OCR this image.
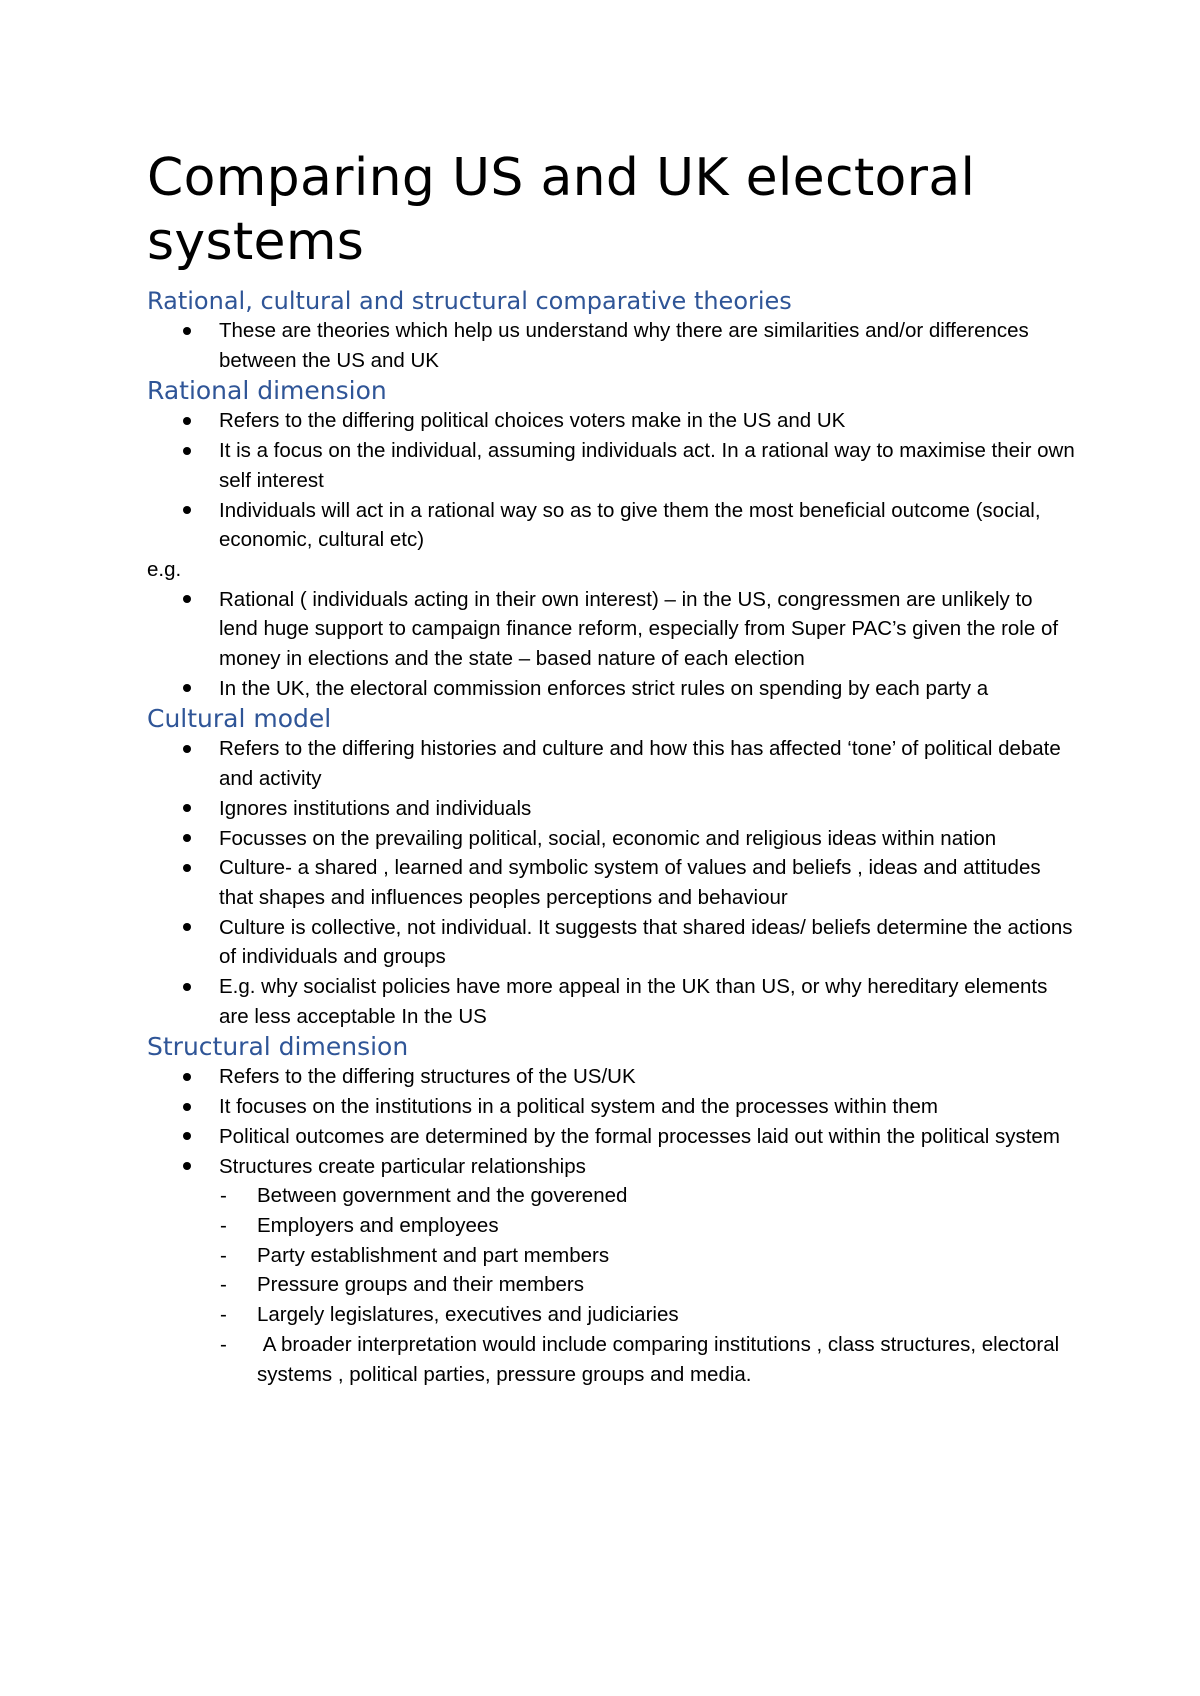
Comparing US and UK electoral systems
Rational, cultural and structural comparative theories
These are theories which help us understand why there are similarities and/or differences between the US and UK
Rational dimension
Refers to the differing political choices voters make in the US and UK
It is a focus on the individual, assuming individuals act. In a rational way to maximise their own self interest
Individuals will act in a rational way so as to give them the most beneficial outcome (social, economic, cultural etc)

e.g.

Rational ( individuals acting in their own interest) – in the US, congressmen are unlikely to lend huge support to campaign finance reform, especially from Super PAC’s given the role of money in elections and the state – based nature of each election
In the UK, the electoral commission enforces strict rules on spending by each party a
Cultural model
Refers to the differing histories and culture and how this has affected ‘tone’ of political debate and activity
Ignores institutions and individuals
Focusses on the prevailing political, social, economic and religious ideas within nation
Culture- a shared , learned and symbolic system of values and beliefs , ideas and attitudes that shapes and influences peoples perceptions and behaviour
Culture is collective, not individual. It suggests that shared ideas/ beliefs determine the actions of individuals and groups
E.g. why socialist policies have more appeal in the UK than US, or why hereditary elements are less acceptable In the US
Structural dimension
Refers to the differing structures of the US/UK
It focuses on the institutions in a political system and the processes within them
Political outcomes are determined by the formal processes laid out within the political system
Structures create particular relationships
- Between government and the goverened
- Employers and employees
- Party establishment and part members
- Pressure groups and their members
- Largely legislatures, executives and judiciaries
- A broader interpretation would include comparing institutions , class structures, electoral systems , political parties, pressure groups and media.
